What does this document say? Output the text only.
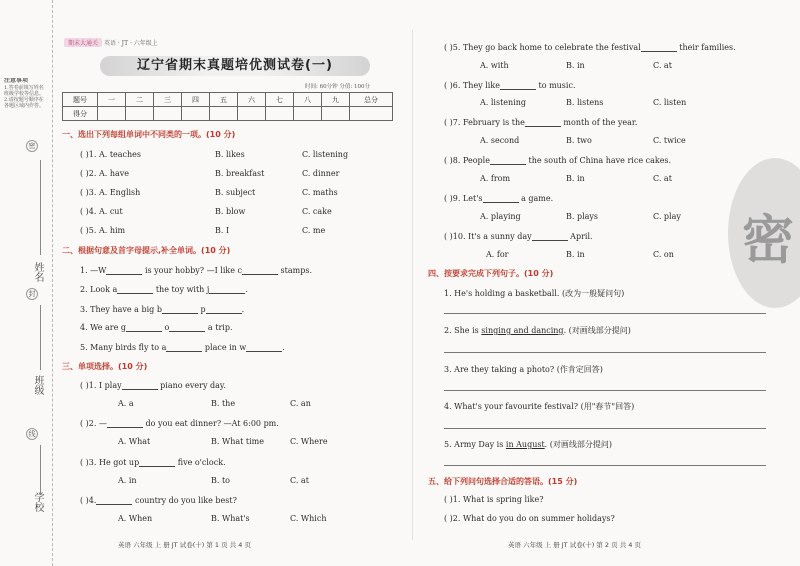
注意事项
1.答卷前填写姓名班级学校等信息。2.请按题号顺序在各题区域内作答。
密
姓名
封
班级
线
学校
期末大通关 英语 · JT · 六年级上
辽宁省期末真题培优测试卷(一)
时间: 60分钟 分值: 100分
题号	一	二	三	四	五	六	七	八	九	总分
得分										
一、选出下列每组单词中不同类的一项。(10 分)
( )1. A. teaches	B. likes	C. listening
( )2. A. have	B. breakfast	C. dinner
( )3. A. English	B. subject	C. maths
( )4. A. cut	B. blow	C. cake
( )5. A. him	B. I	C. me
二、根据句意及首字母提示,补全单词。(10 分)
1. —W	is your hobby? —I like c	stamps.
2. Look a	the toy with j	.
3. They have a big b	p	.
4. We are g	o	a trip.
5. Many birds fly to a	place in w	.
三、单项选择。(10 分)
( )1. I play	piano every day.
A. a	B. the	C. an
( )2. —	do you eat dinner? —At 6:00 pm.
A. What	B. What time	C. Where
( )3. He got up	five o'clock.
A. in	B. to	C. at
( )4.	country do you like best?
A. When	B. What's	C. Which
英语 六年级 上 册 JT 试卷(十) 第 1 页 共 4 页
( )5. They go back home to celebrate the festival	their families.
A. with	B. in	C. at
( )6. They like	to music.
A. listening	B. listens	C. listen
( )7. February is the	month of the year.
A. second	B. two	C. twice
( )8. People	the south of China have rice cakes.
A. from	B. in	C. at
( )9. Let's	a game.
A. playing	B. plays	C. play
( )10. It's a sunny day	April.
A. for	B. in	C. on
四、按要求完成下列句子。(10 分)
1. He's holding a basketball. (改为一般疑问句)
2. She is singing and dancing. (对画线部分提问)
3. Are they taking a photo? (作肯定回答)
4. What's your favourite festival? (用"春节"回答)
5. Army Day is in August. (对画线部分提问)
五、给下列问句选择合适的答语。(15 分)
( )1. What is spring like?
( )2. What do you do on summer holidays?
英语 六年级 上 册 JT 试卷(十) 第 2 页 共 4 页
密
